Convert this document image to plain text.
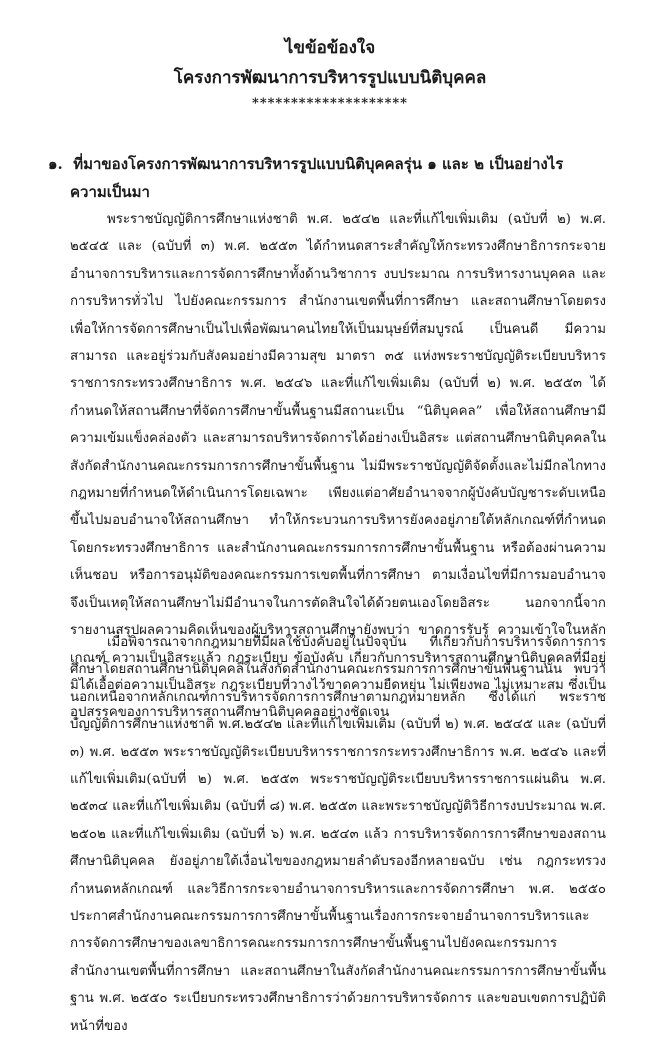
ไขข้อข้องใจ
โครงการพัฒนาการบริหารรูปแบบนิติบุคคล
********************
๑. ที่มาของโครงการพัฒนาการบริหารรูปแบบนิติบุคคลรุ่น ๑ และ ๒ เป็นอย่างไร
ความเป็นมา

พระราชบัญญัติการศึกษาแห่งชาติ พ.ศ. ๒๕๔๒ และที่แก้ไขเพิ่มเติม (ฉบับที่ ๒) พ.ศ. ๒๕๔๕ และ (ฉบับที่ ๓) พ.ศ. ๒๕๕๓ ได้กำหนดสาระสำคัญให้กระทรวงศึกษาธิการกระจายอำนาจการบริหารและการจัดการศึกษาทั้งด้านวิชาการ งบประมาณ การบริหารงานบุคคล และการบริหารทั่วไป ไปยังคณะกรรมการ สำนักงานเขตพื้นที่การศึกษา และสถานศึกษาโดยตรง เพื่อให้การจัดการศึกษาเป็นไปเพื่อพัฒนาคนไทยให้เป็นมนุษย์ที่สมบูรณ์ เป็นคนดี มีความสามารถ และอยู่ร่วมกับสังคมอย่างมีความสุข มาตรา ๓๕ แห่งพระราชบัญญัติระเบียบบริหารราชการกระทรวงศึกษาธิการ พ.ศ. ๒๕๔๖ และที่แก้ไขเพิ่มเติม (ฉบับที่ ๒) พ.ศ. ๒๕๕๓ ได้กำหนดให้สถานศึกษาที่จัดการศึกษาขั้นพื้นฐานมีสถานะเป็น “นิติบุคคล” เพื่อให้สถานศึกษามีความเข้มแข็งคล่องตัว และสามารถบริหารจัดการได้อย่างเป็นอิสระ แต่สถานศึกษานิติบุคคลในสังกัดสำนักงานคณะกรรมการการศึกษาขั้นพื้นฐาน ไม่มีพระราชบัญญัติจัดตั้งและไม่มีกลไกทางกฎหมายที่กำหนดให้ดำเนินการโดยเฉพาะ เพียงแต่อาศัยอำนาจจากผู้บังคับบัญชาระดับเหนือขึ้นไปมอบอำนาจให้สถานศึกษา ทำให้กระบวนการบริหารยังคงอยู่ภายใต้หลักเกณฑ์ที่กำหนดโดยกระทรวงศึกษาธิการ และสำนักงานคณะกรรมการการศึกษาขั้นพื้นฐาน หรือต้องผ่านความเห็นชอบ หรือการอนุมัติของคณะกรรมการเขตพื้นที่การศึกษา ตามเงื่อนไขที่มีการมอบอำนาจ จึงเป็นเหตุให้สถานศึกษาไม่มีอำนาจในการตัดสินใจได้ด้วยตนเองโดยอิสระ นอกจากนี้จากรายงานสรุปผลความคิดเห็นของผู้บริหารสถานศึกษายังพบว่า ขาดการรับรู้ ความเข้าใจในหลักเกณฑ์ ความเป็นอิสระแล้ว กฎระเบียบ ข้อบังคับ เกี่ยวกับการบริหารสถานศึกษานิติบุคคลที่มีอยู่มิได้เอื้อต่อความเป็นอิสระ กฎระเบียบที่วางไว้ขาดความยืดหยุ่น ไม่เพียงพอ ไม่เหมาะสม ซึ่งเป็นอุปสรรคของการบริหารสถานศึกษานิติบุคคลอย่างชัดเจน

เมื่อพิจารณาจากกฎหมายที่มีผลใช้บังคับอยู่ในปัจจุบัน ที่เกี่ยวกับการบริหารจัดการการศึกษาโดยสถานศึกษานิติบุคคลในสังกัดสำนักงานคณะกรรมการการศึกษาขั้นพื้นฐานนั้น พบว่า นอกเหนือจากหลักเกณฑ์การบริหารจัดการการศึกษาตามกฎหมายหลัก ซึ่งได้แก่ พระราชบัญญัติการศึกษาแห่งชาติ พ.ศ.๒๕๔๒ และที่แก้ไขเพิ่มเติม (ฉบับที่ ๒) พ.ศ. ๒๕๔๕ และ (ฉบับที่ ๓) พ.ศ. ๒๕๕๓ พระราชบัญญัติระเบียบบริหารราชการกระทรวงศึกษาธิการ พ.ศ. ๒๕๔๖ และที่แก้ไขเพิ่มเติม(ฉบับที่ ๒) พ.ศ. ๒๕๕๓ พระราชบัญญัติระเบียบบริหารราชการแผ่นดิน พ.ศ. ๒๕๓๔ และที่แก้ไขเพิ่มเติม (ฉบับที่ ๘) พ.ศ. ๒๕๕๓ และพระราชบัญญัติวิธีการงบประมาณ พ.ศ. ๒๕๐๒ และที่แก้ไขเพิ่มเติม (ฉบับที่ ๖) พ.ศ. ๒๕๔๓ แล้ว การบริหารจัดการการศึกษาของสถานศึกษานิติบุคคล ยังอยู่ภายใต้เงื่อนไขของกฎหมายลำดับรองอีกหลายฉบับ เช่น กฎกระทรวงกำหนดหลักเกณฑ์ และวิธีการกระจายอำนาจการบริหารและการจัดการศึกษา พ.ศ. ๒๕๕๐ ประกาศสำนักงานคณะกรรมการการศึกษาขั้นพื้นฐานเรื่องการกระจายอำนาจการบริหารและการจัดการศึกษาของเลขาธิการคณะกรรมการการศึกษาขั้นพื้นฐานไปยังคณะกรรมการสำนักงานเขตพื้นที่การศึกษา และสถานศึกษาในสังกัดสำนักงานคณะกรรมการการศึกษาขั้นพื้นฐาน พ.ศ. ๒๕๕๐ ระเบียบกระทรวงศึกษาธิการว่าด้วยการบริหารจัดการ และขอบเขตการปฏิบัติหน้าที่ของ
